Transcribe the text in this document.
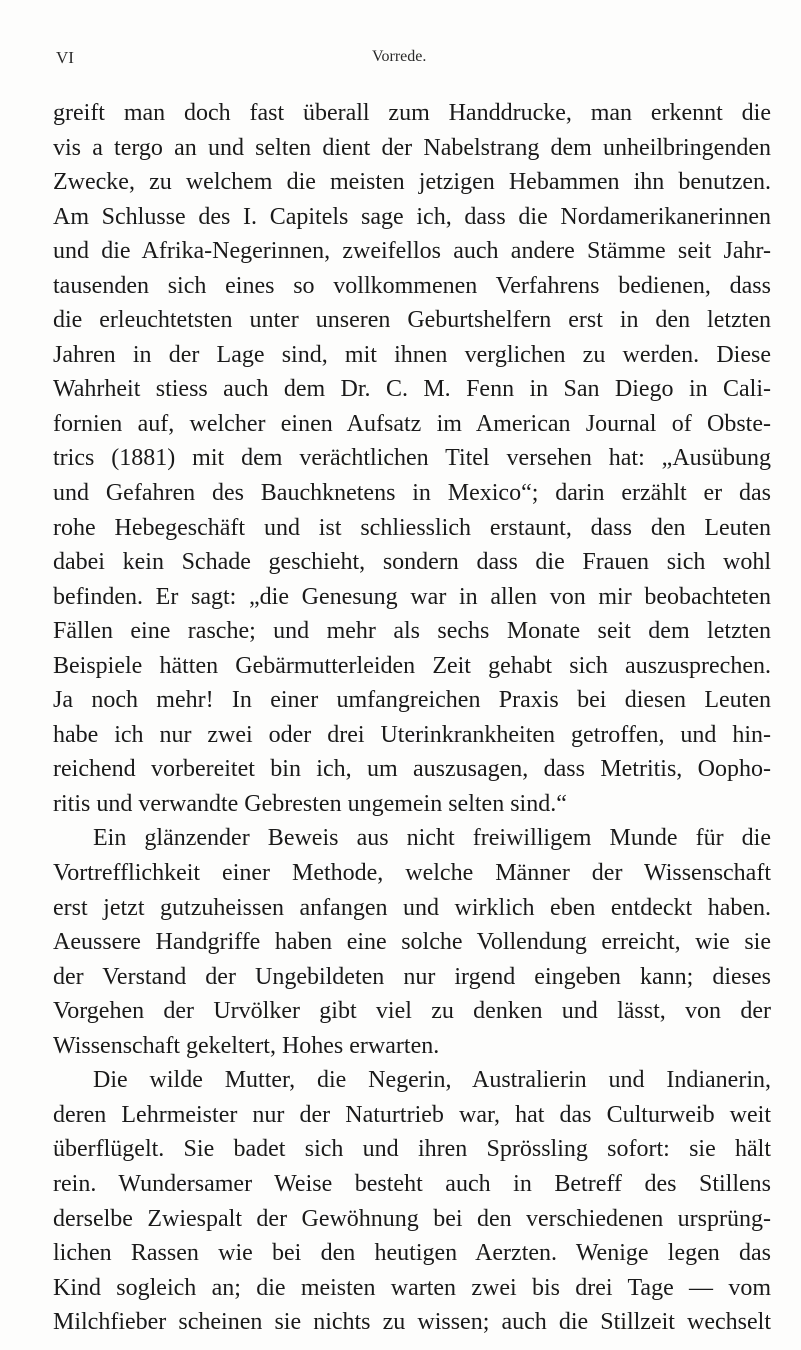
VI	Vorrede.
greift man doch fast überall zum Handdrucke, man erkennt die
vis a tergo an und selten dient der Nabelstrang dem unheilbringenden
Zwecke, zu welchem die meisten jetzigen Hebammen ihn benutzen.
Am Schlusse des I. Capitels sage ich, dass die Nordamerikanerinnen
und die Afrika-Negerinnen, zweifellos auch andere Stämme seit Jahr-
tausenden sich eines so vollkommenen Verfahrens bedienen, dass
die erleuchtetsten unter unseren Geburtshelfern erst in den letzten
Jahren in der Lage sind, mit ihnen verglichen zu werden. Diese
Wahrheit stiess auch dem Dr. C. M. Fenn in San Diego in Cali-
fornien auf, welcher einen Aufsatz im American Journal of Obste-
trics (1881) mit dem verächtlichen Titel versehen hat: „Ausübung
und Gefahren des Bauchknetens in Mexico“; darin erzählt er das
rohe Hebegeschäft und ist schliesslich erstaunt, dass den Leuten
dabei kein Schade geschieht, sondern dass die Frauen sich wohl
befinden. Er sagt: „die Genesung war in allen von mir beobachteten
Fällen eine rasche; und mehr als sechs Monate seit dem letzten
Beispiele hätten Gebärmutterleiden Zeit gehabt sich auszusprechen.
Ja noch mehr! In einer umfangreichen Praxis bei diesen Leuten
habe ich nur zwei oder drei Uterinkrankheiten getroffen, und hin-
reichend vorbereitet bin ich, um auszusagen, dass Metritis, Oopho-
ritis und verwandte Gebresten ungemein selten sind.“
Ein glänzender Beweis aus nicht freiwilligem Munde für die
Vortrefflichkeit einer Methode, welche Männer der Wissenschaft
erst jetzt gutzuheissen anfangen und wirklich eben entdeckt haben.
Aeussere Handgriffe haben eine solche Vollendung erreicht, wie sie
der Verstand der Ungebildeten nur irgend eingeben kann; dieses
Vorgehen der Urvölker gibt viel zu denken und lässt, von der
Wissenschaft gekeltert, Hohes erwarten.
Die wilde Mutter, die Negerin, Australierin und Indianerin,
deren Lehrmeister nur der Naturtrieb war, hat das Culturweib weit
überflügelt. Sie badet sich und ihren Sprössling sofort: sie hält
rein. Wundersamer Weise besteht auch in Betreff des Stillens
derselbe Zwiespalt der Gewöhnung bei den verschiedenen ursprüng-
lichen Rassen wie bei den heutigen Aerzten. Wenige legen das
Kind sogleich an; die meisten warten zwei bis drei Tage — vom
Milchfieber scheinen sie nichts zu wissen; auch die Stillzeit wechselt
